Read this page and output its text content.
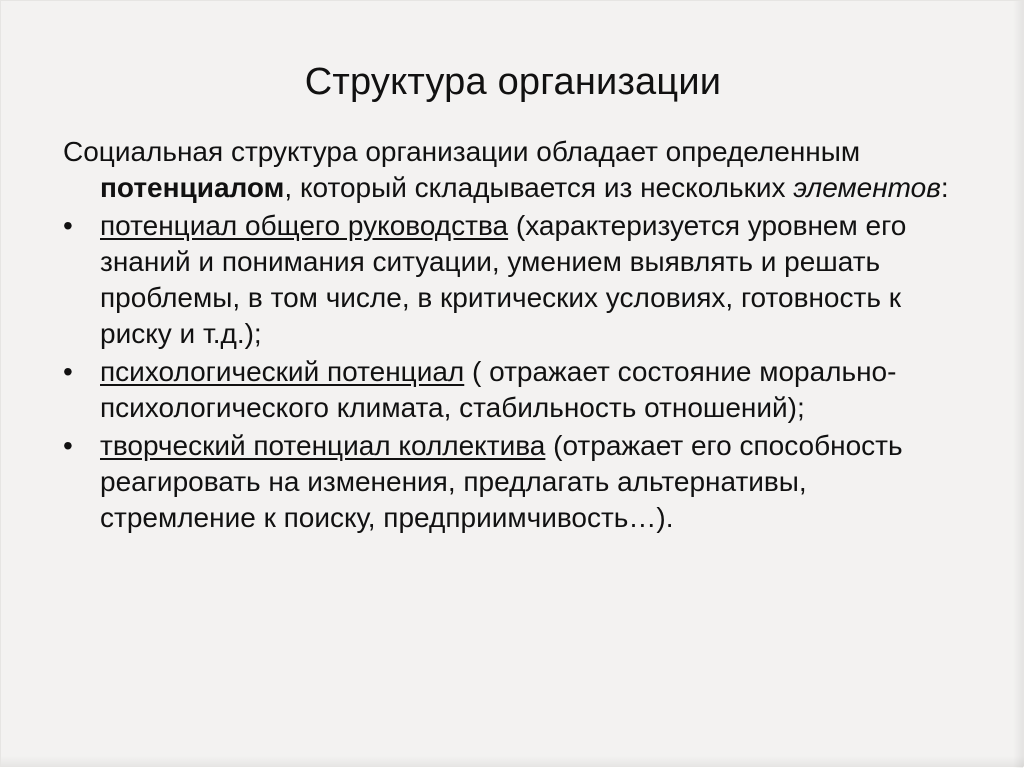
Структура организации

Социальная структура организации обладает определенным потенциалом, который складывается из нескольких элементов:

• потенциал общего руководства (характеризуется уровнем его знаний и понимания ситуации, умением выявлять и решать проблемы, в том числе, в критических условиях, готовность к риску и т.д.);
• психологический потенциал ( отражает состояние морально-психологического климата, стабильность отношений);
• творческий потенциал коллектива (отражает его способность реагировать на изменения, предлагать альтернативы, стремление к поиску, предприимчивость…).
